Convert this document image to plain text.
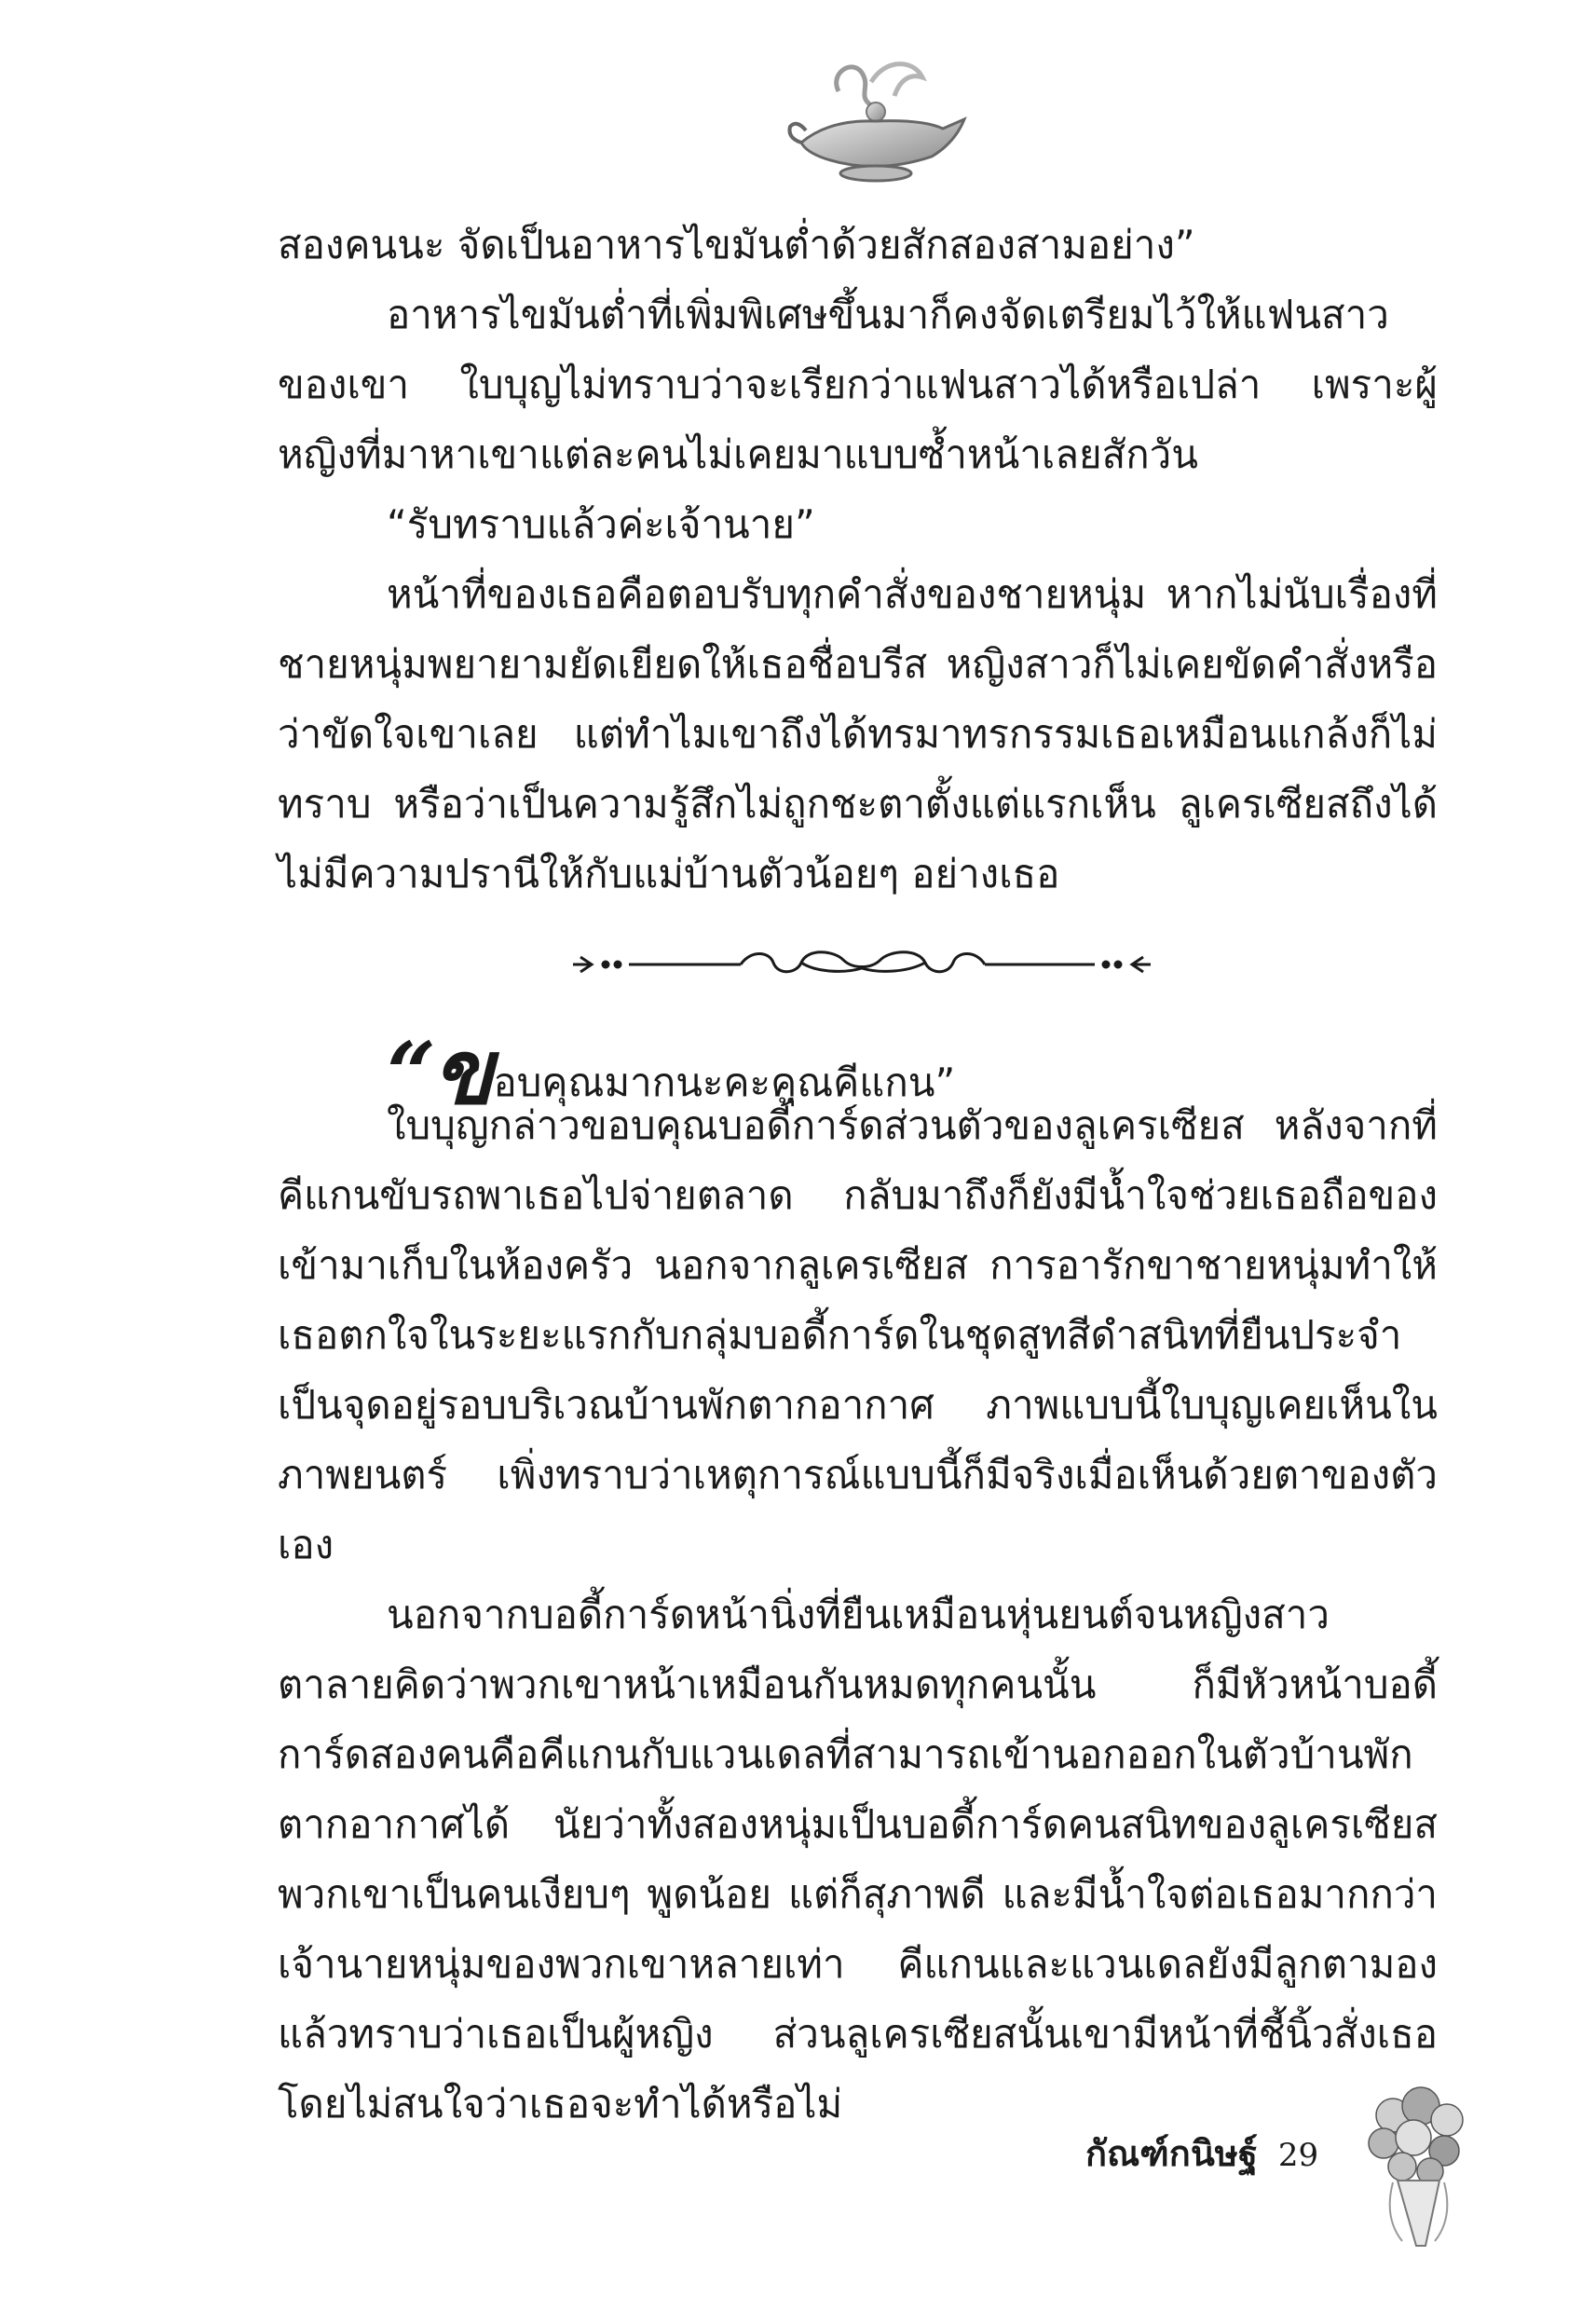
สองคนนะ จัดเป็นอาหารไขมันต่ำด้วยสักสองสามอย่าง”

อาหารไขมันต่ำที่เพิ่มพิเศษขึ้นมาก็คงจัดเตรียมไว้ให้แฟนสาวของเขา ใบบุญไม่ทราบว่าจะเรียกว่าแฟนสาวได้หรือเปล่า เพราะผู้หญิงที่มาหาเขาแต่ละคนไม่เคยมาแบบซ้ำหน้าเลยสักวัน

“รับทราบแล้วค่ะเจ้านาย”

หน้าที่ของเธอคือตอบรับทุกคำสั่งของชายหนุ่ม หากไม่นับเรื่องที่ชายหนุ่มพยายามยัดเยียดให้เธอชื่อบรีส หญิงสาวก็ไม่เคยขัดคำสั่งหรือว่าขัดใจเขาเลย แต่ทำไมเขาถึงได้ทรมาทรกรรมเธอเหมือนแกล้งก็ไม่ทราบ หรือว่าเป็นความรู้สึกไม่ถูกชะตาตั้งแต่แรกเห็น ลูเครเซียสถึงได้ไม่มีความปรานีให้กับแม่บ้านตัวน้อยๆ อย่างเธอ

“ขอบคุณมากนะคะคุณคีแกน”

ใบบุญกล่าวขอบคุณบอดี้การ์ดส่วนตัวของลูเครเซียส หลังจากที่คีแกนขับรถพาเธอไปจ่ายตลาด กลับมาถึงก็ยังมีน้ำใจช่วยเธอถือของเข้ามาเก็บในห้องครัว นอกจากลูเครเซียส การอารักขาชายหนุ่มทำให้เธอตกใจในระยะแรกกับกลุ่มบอดี้การ์ดในชุดสูทสีดำสนิทที่ยืนประจำเป็นจุดอยู่รอบบริเวณบ้านพักตากอากาศ ภาพแบบนี้ใบบุญเคยเห็นในภาพยนตร์ เพิ่งทราบว่าเหตุการณ์แบบนี้ก็มีจริงเมื่อเห็นด้วยตาของตัวเอง

นอกจากบอดี้การ์ดหน้านิ่งที่ยืนเหมือนหุ่นยนต์จนหญิงสาวตาลายคิดว่าพวกเขาหน้าเหมือนกันหมดทุกคนนั้น ก็มีหัวหน้าบอดี้การ์ดสองคนคือคีแกนกับแวนเดลที่สามารถเข้านอกออกในตัวบ้านพักตากอากาศได้ นัยว่าทั้งสองหนุ่มเป็นบอดี้การ์ดคนสนิทของลูเครเซียส พวกเขาเป็นคนเงียบๆ พูดน้อย แต่ก็สุภาพดี และมีน้ำใจต่อเธอมากกว่าเจ้านายหนุ่มของพวกเขาหลายเท่า คีแกนและแวนเดลยังมีลูกตามองแล้วทราบว่าเธอเป็นผู้หญิง ส่วนลูเครเซียสนั้นเขามีหน้าที่ชี้นิ้วสั่งเธอ โดยไม่สนใจว่าเธอจะทำได้หรือไม่

กัณฑ์กนิษฐ์ 29
